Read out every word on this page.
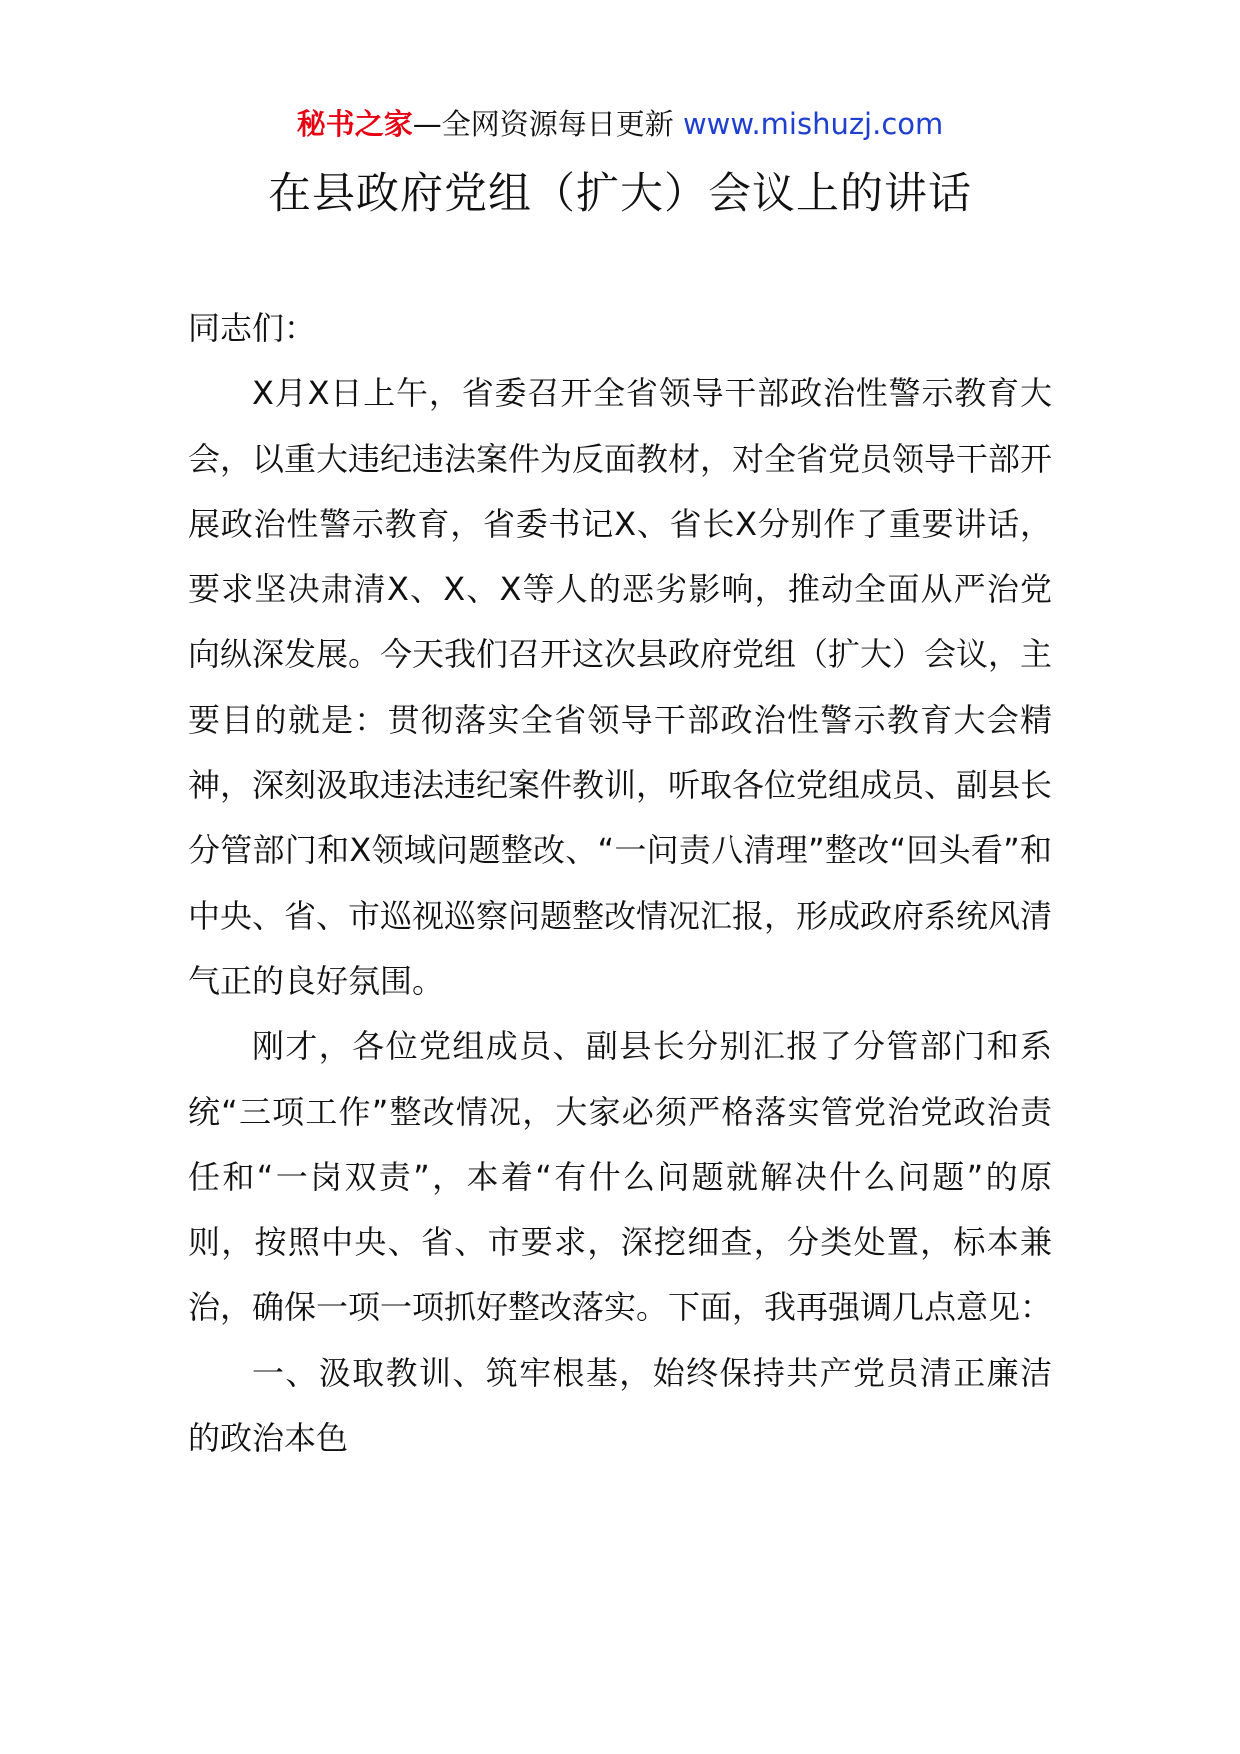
秘书之家—全网资源每日更新 www.mishuzj.com
在县政府党组（扩大）会议上的讲话

同志们：

X月X日上午，省委召开全省领导干部政治性警示教育大会，以重大违纪违法案件为反面教材，对全省党员领导干部开展政治性警示教育，省委书记X、省长X分别作了重要讲话，要求坚决肃清X、X、X等人的恶劣影响，推动全面从严治党向纵深发展。今天我们召开这次县政府党组（扩大）会议，主要目的就是：贯彻落实全省领导干部政治性警示教育大会精神，深刻汲取违法违纪案件教训，听取各位党组成员、副县长分管部门和X领域问题整改、“一问责八清理”整改“回头看”和中央、省、市巡视巡察问题整改情况汇报，形成政府系统风清气正的良好氛围。

刚才，各位党组成员、副县长分别汇报了分管部门和系统“三项工作”整改情况，大家必须严格落实管党治党政治责任和“一岗双责”，本着“有什么问题就解决什么问题”的原则，按照中央、省、市要求，深挖细查，分类处置，标本兼治，确保一项一项抓好整改落实。下面，我再强调几点意见：

一、汲取教训、筑牢根基，始终保持共产党员清正廉洁的政治本色
